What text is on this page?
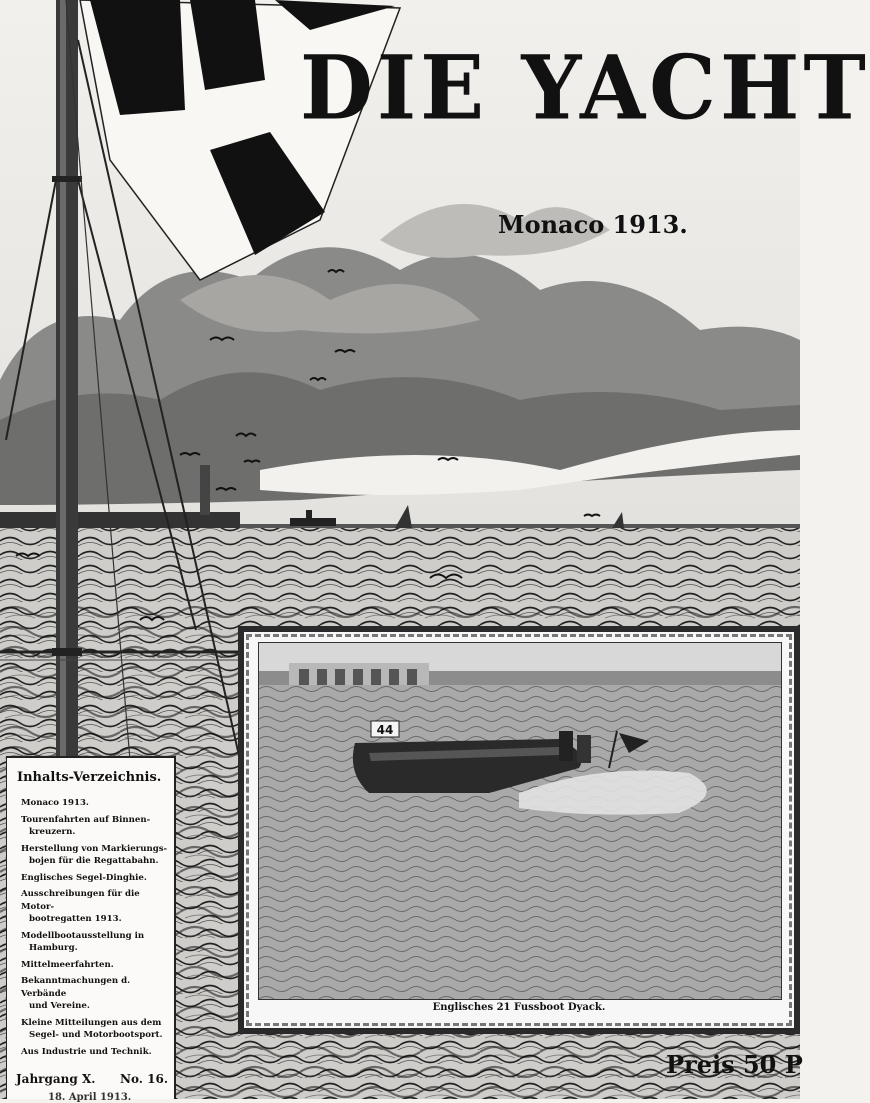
DIE YACHT
Monaco 1913.
44
Englisches 21 Fussboot Dyack.
Inhalts-Verzeichnis.
Monaco 1913.
Tourenfahrten auf Binnen-
kreuzern.
Herstellung von Markierungs-
bojen für die Regattabahn.
Englisches Segel-Dinghie.
Ausschreibungen für die Motor-
bootregatten 1913.
Modellbootausstellung in
Hamburg.
Mittelmeerfahrten.
Bekanntmachungen d. Verbände
und Vereine.
Kleine Mitteilungen aus dem
Segel- und Motorbootsport.
Aus Industrie und Technik.
Jahrgang X. No. 16.
18. April 1913.
Preis 50 P
